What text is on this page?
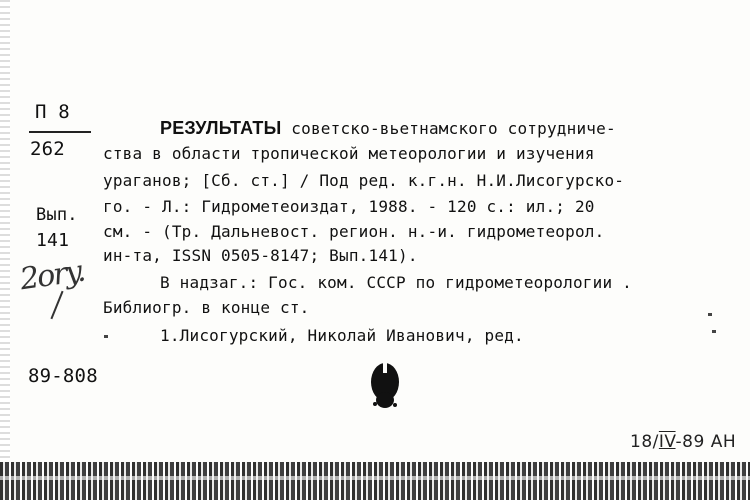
П 8
262
Вып.
141
2ory.
РЕЗУЛЬТАТЫ советско-вьетнамского сотрудниче-
ства в области тропической метеорологии и изучения
ураганов; [Сб. ст.] / Под ред. к.г.н. Н.И.Лисогурско-
го. - Л.: Гидрометеоиздат, 1988. - 120 с.: ил.; 20
см. - (Тр. Дальневост. регион. н.-и. гидрометеорол.
ин-та, ISSN 0505-8147; Вып.141).
В надзаг.: Гос. ком. СССР по гидрометеорологии .
Библиогр. в конце ст.
1.Лисогурский, Николай Иванович, ред.
89-808
18/IV-89 АН
